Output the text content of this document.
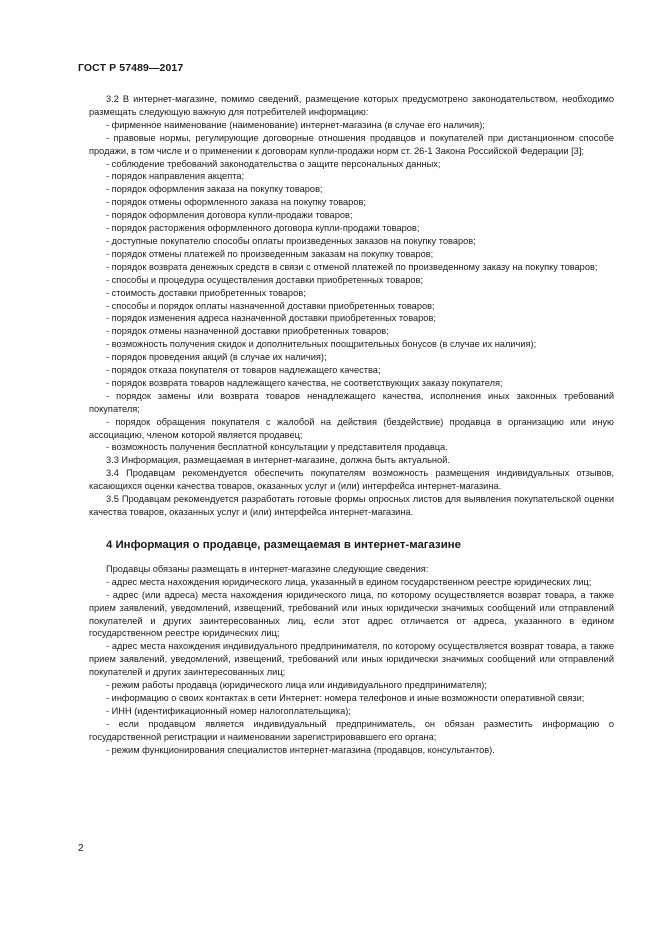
ГОСТ Р 57489—2017

3.2 В интернет-магазине, помимо сведений, размещение которых предусмотрено законодательством, необходимо размещать следующую важную для потребителей информацию:

- фирменное наименование (наименование) интернет-магазина (в случае его наличия);

- правовые нормы, регулирующие договорные отношения продавцов и покупателей при дистанционном способе продажи, в том числе и о применении к договорам купли-продажи норм ст. 26-1 Закона Российской Федерации [3];

- соблюдение требований законодательства о защите персональных данных;

- порядок направления акцепта;

- порядок оформления заказа на покупку товаров;

- порядок отмены оформленного заказа на покупку товаров;

- порядок оформления договора купли-продажи товаров;

- порядок расторжения оформленного договора купли-продажи товаров;

- доступные покупателю способы оплаты произведенных заказов на покупку товаров;

- порядок отмены платежей по произведенным заказам на покупку товаров;

- порядок возврата денежных средств в связи с отменой платежей по произведенному заказу на покупку товаров;

- способы и процедура осуществления доставки приобретенных товаров;

- стоимость доставки приобретенных товаров;

- способы и порядок оплаты назначенной доставки приобретенных товаров;

- порядок изменения адреса назначенной доставки приобретенных товаров;

- порядок отмены назначенной доставки приобретенных товаров;

- возможность получения скидок и дополнительных поощрительных бонусов (в случае их наличия);

- порядок проведения акций (в случае их наличия);

- порядок отказа покупателя от товаров надлежащего качества;

- порядок возврата товаров надлежащего качества, не соответствующих заказу покупателя;

- порядок замены или возврата товаров ненадлежащего качества, исполнения иных законных требований покупателя;

- порядок обращения покупателя с жалобой на действия (бездействие) продавца в организацию или иную ассоциацию, членом которой является продавец;

- возможность получения бесплатной консультации у представителя продавца.

3.3 Информация, размещаемая в интернет-магазине, должна быть актуальной.

3.4 Продавцам рекомендуется обеспечить покупателям возможность размещения индивидуальных отзывов, касающихся оценки качества товаров, оказанных услуг и (или) интерфейса интернет-магазина.

3.5 Продавцам рекомендуется разработать готовые формы опросных листов для выявления покупательской оценки качества товаров, оказанных услуг и (или) интерфейса интернет-магазина.

4 Информация о продавце, размещаемая в интернет-магазине

Продавцы обязаны размещать в интернет-магазине следующие сведения:

- адрес места нахождения юридического лица, указанный в едином государственном реестре юридических лиц;

- адрес (или адреса) места нахождения юридического лица, по которому осуществляется возврат товара, а также прием заявлений, уведомлений, извещений, требований или иных юридически значимых сообщений или отправлений покупателей и других заинтересованных лиц, если этот адрес отличается от адреса, указанного в едином государственном реестре юридических лиц;

- адрес места нахождения индивидуального предпринимателя, по которому осуществляется возврат товара, а также прием заявлений, уведомлений, извещений, требований или иных юридически значимых сообщений или отправлений покупателей и других заинтересованных лиц;

- режим работы продавца (юридического лица или индивидуального предпринимателя);

- информацию о своих контактах в сети Интернет: номера телефонов и иные возможности оперативной связи;

- ИНН (идентификационный номер налогоплательщика);

- если продавцом является индивидуальный предприниматель, он обязан разместить информацию о государственной регистрации и наименовании зарегистрировавшего его органа;

- режим функционирования специалистов интернет-магазина (продавцов, консультантов).

2
